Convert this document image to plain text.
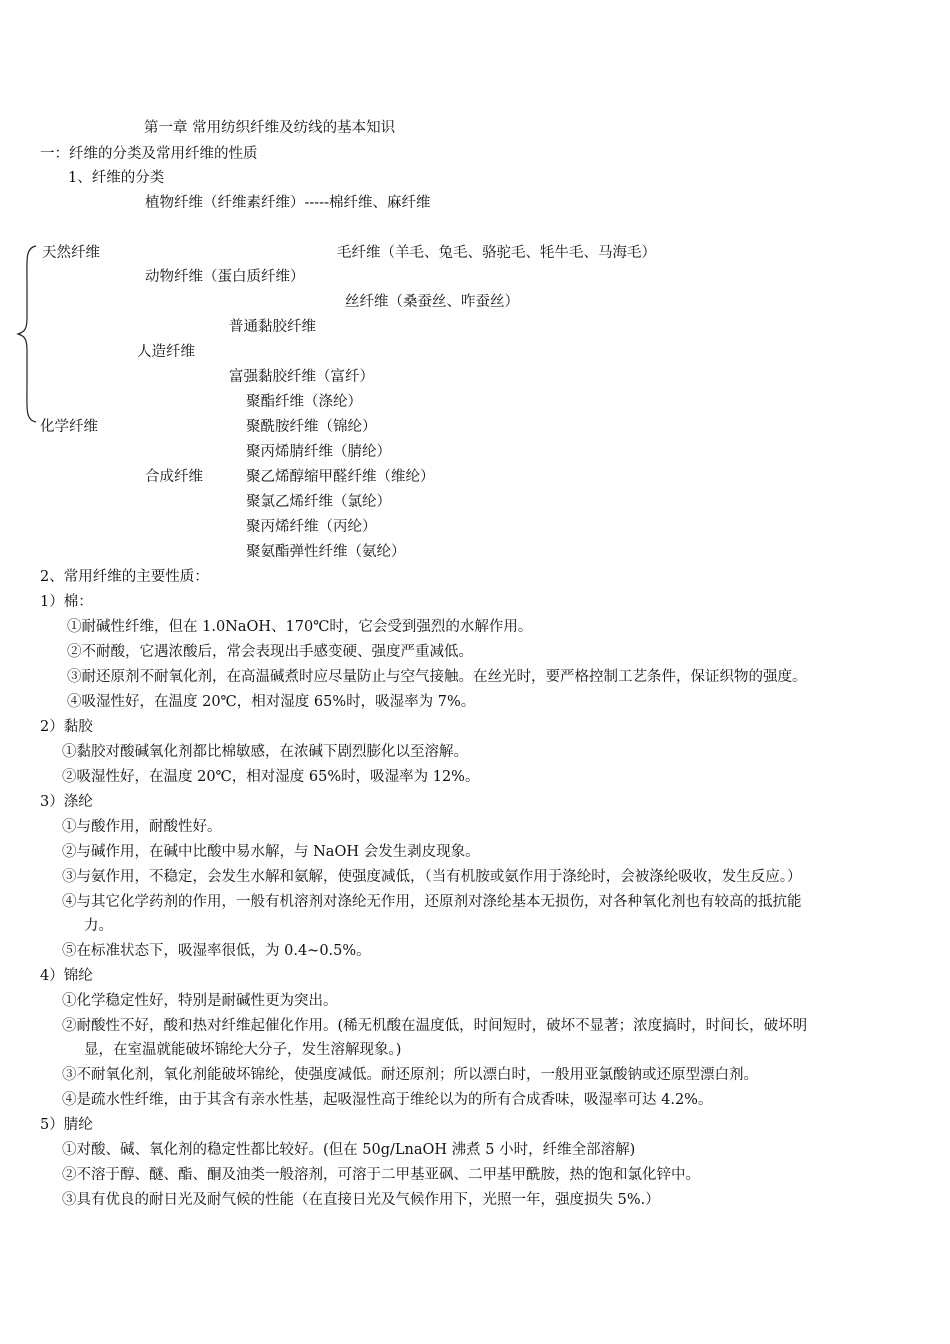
第一章 常用纺织纤维及纺线的基本知识
一：纤维的分类及常用纤维的性质
1、纤维的分类
植物纤维（纤维素纤维）-----棉纤维、麻纤维
天然纤维	毛纤维（羊毛、兔毛、骆驼毛、牦牛毛、马海毛）
动物纤维（蛋白质纤维）
丝纤维（桑蚕丝、咋蚕丝）
普通黏胶纤维
人造纤维
富强黏胶纤维（富纤）
聚酯纤维（涤纶）
化学纤维	聚酰胺纤维（锦纶）
聚丙烯腈纤维（腈纶）
合成纤维	聚乙烯醇缩甲醛纤维（维纶）
聚氯乙烯纤维（氯纶）
聚丙烯纤维（丙纶）
聚氨酯弹性纤维（氨纶）
2、常用纤维的主要性质：
1）棉：
①耐碱性纤维，但在 1.0NaOH、170℃时，它会受到强烈的水解作用。
②不耐酸，它遇浓酸后，常会表现出手感变硬、强度严重减低。
③耐还原剂不耐氧化剂，在高温碱煮时应尽量防止与空气接触。在丝光时，要严格控制工艺条件，保证织物的强度。
④吸湿性好，在温度 20℃，相对湿度 65%时，吸湿率为 7%。
2）黏胶
①黏胶对酸碱氧化剂都比棉敏感，在浓碱下剧烈膨化以至溶解。
②吸湿性好，在温度 20℃，相对湿度 65%时，吸湿率为 12%。
3）涤纶
①与酸作用，耐酸性好。
②与碱作用，在碱中比酸中易水解，与 NaOH 会发生剥皮现象。
③与氨作用，不稳定，会发生水解和氨解，使强度减低，（当有机胺或氨作用于涤纶时，会被涤纶吸收，发生反应。）
④与其它化学药剂的作用，一般有机溶剂对涤纶无作用，还原剂对涤纶基本无损伤，对各种氧化剂也有较高的抵抗能
力。
⑤在标准状态下，吸湿率很低，为 0.4~0.5%。
4）锦纶
①化学稳定性好，特别是耐碱性更为突出。
②耐酸性不好，酸和热对纤维起催化作用。(稀无机酸在温度低，时间短时，破坏不显著；浓度搞时，时间长，破坏明
显，在室温就能破坏锦纶大分子，发生溶解现象。)
③不耐氧化剂，氧化剂能破坏锦纶，使强度减低。耐还原剂；所以漂白时，一般用亚氯酸钠或还原型漂白剂。
④是疏水性纤维，由于其含有亲水性基，起吸湿性高于维纶以为的所有合成香味，吸湿率可达 4.2%。
5）腈纶
①对酸、碱、氧化剂的稳定性都比较好。(但在 50g/LnaOH 沸煮 5 小时，纤维全部溶解)
②不溶于醇、醚、酯、酮及油类一般溶剂，可溶于二甲基亚砜、二甲基甲酰胺，热的饱和氯化锌中。
③具有优良的耐日光及耐气候的性能（在直接日光及气候作用下，光照一年，强度损失 5%.）
